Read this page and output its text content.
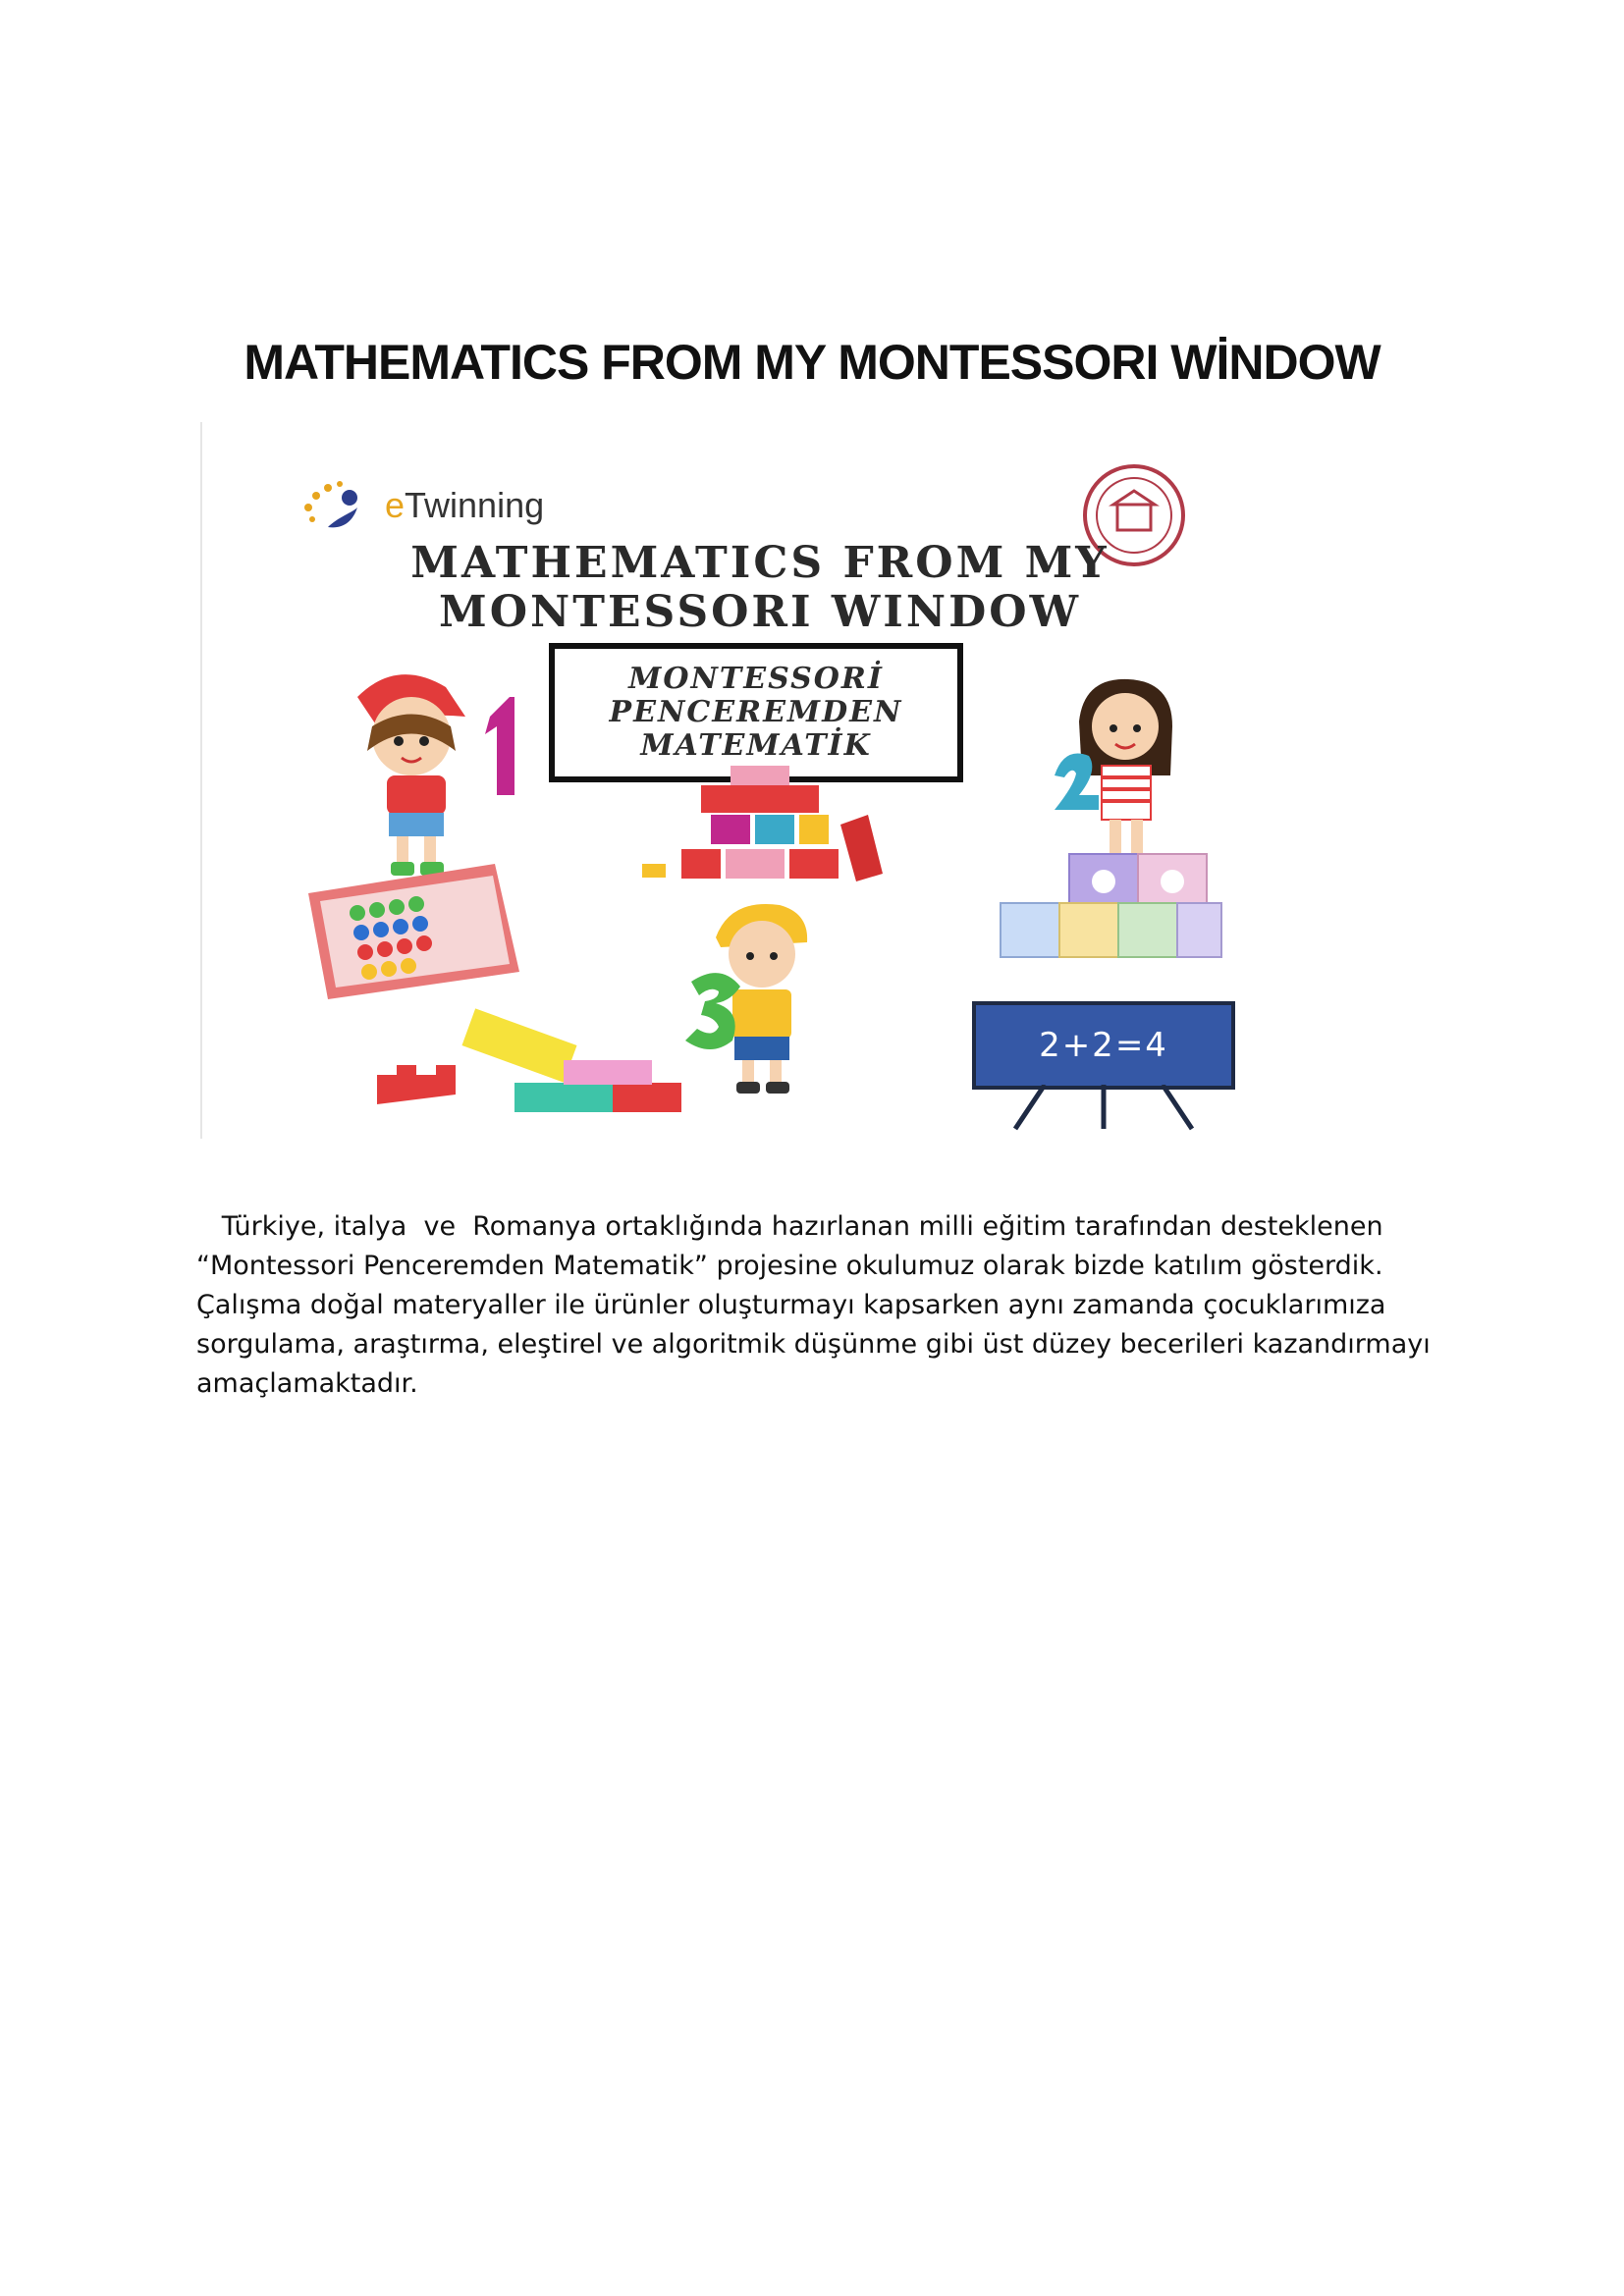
MATHEMATICS FROM MY MONTESSORI WİNDOW
eTwinning
MATHEMATICS FROM MY
MONTESSORI WINDOW
MONTESSORİ
PENCEREMDEN
MATEMATİK
2+2=4

Türkiye, italya  ve  Romanya ortaklığında hazırlanan milli eğitim tarafından desteklenen

“Montessori Penceremden Matematik” projesine okulumuz olarak bizde katılım gösterdik.

Çalışma doğal materyaller ile ürünler oluşturmayı kapsarken aynı zamanda çocuklarımıza

sorgulama, araştırma, eleştirel ve algoritmik düşünme gibi üst düzey becerileri kazandırmayı

amaçlamaktadır.
